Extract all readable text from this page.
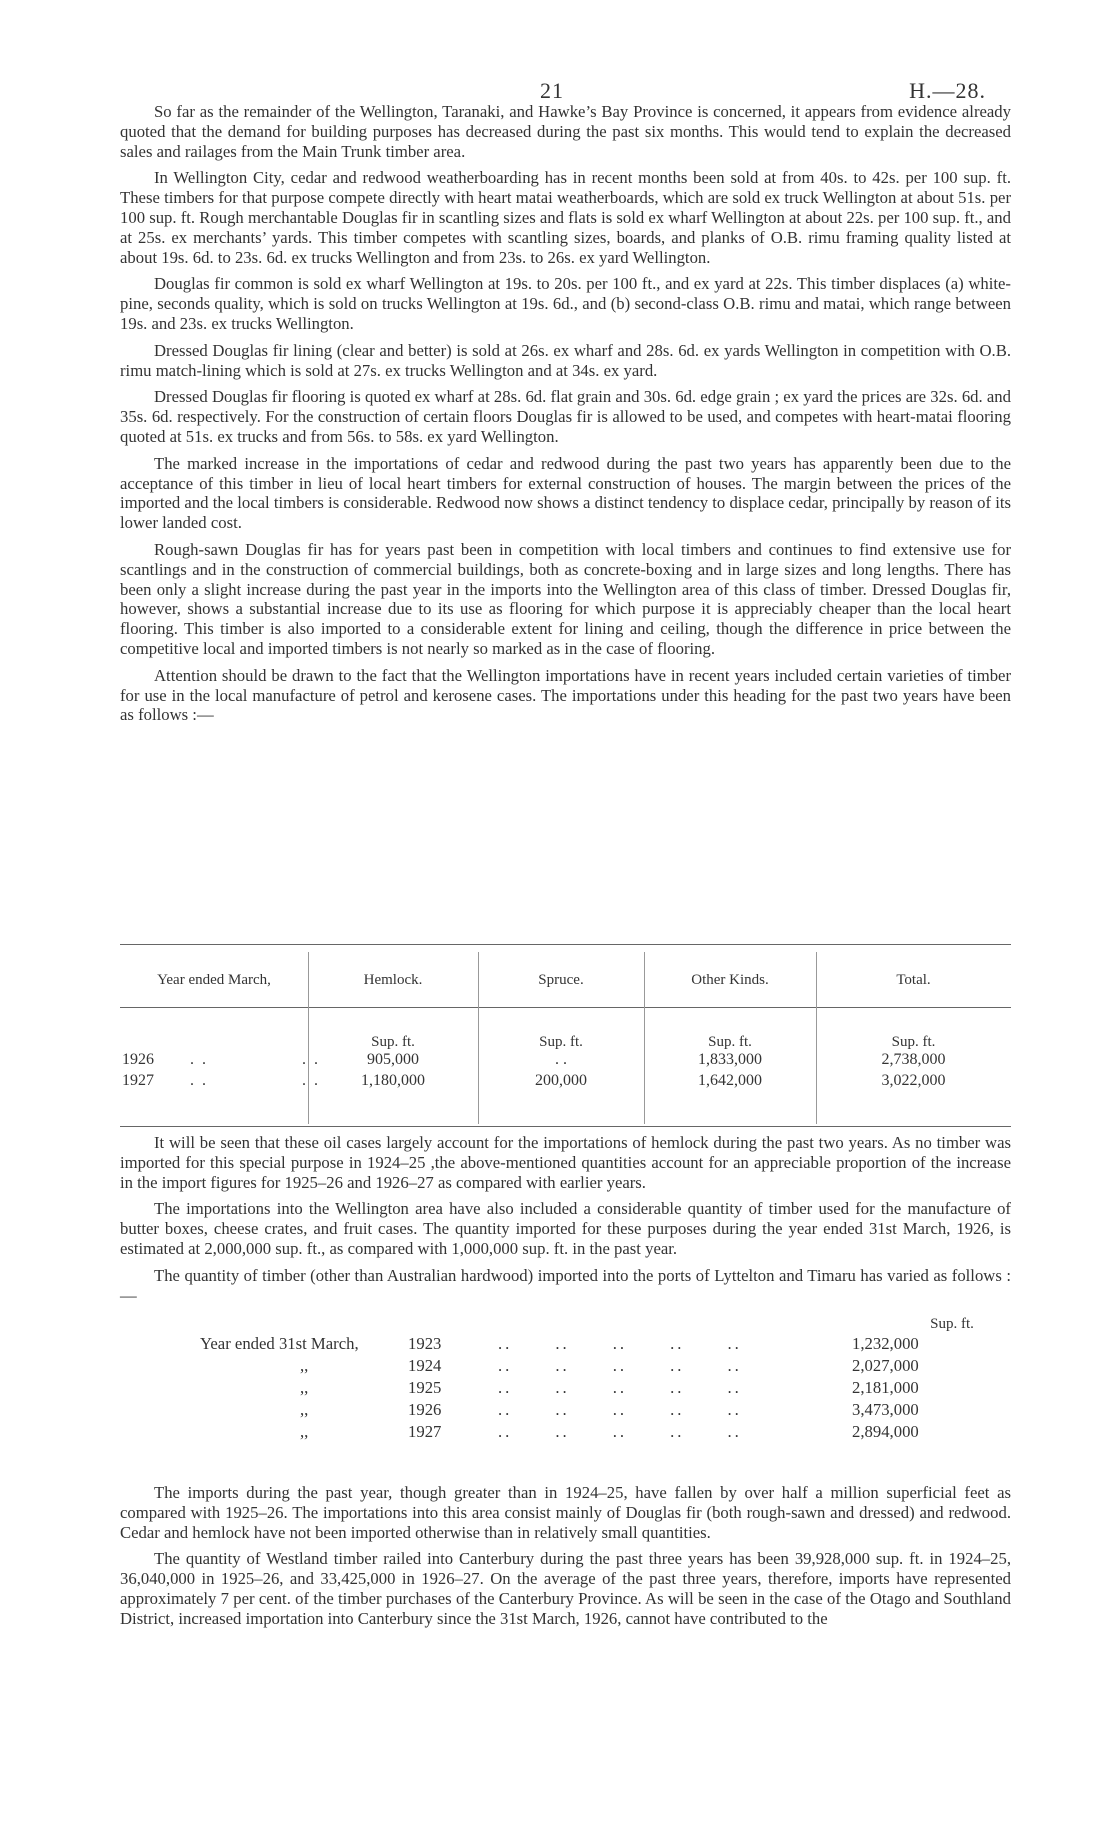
21	H.—28.

So far as the remainder of the Wellington, Taranaki, and Hawke’s Bay Province is concerned, it appears from evidence already quoted that the demand for building purposes has decreased during the past six months. This would tend to explain the decreased sales and railages from the Main Trunk timber area.

In Wellington City, cedar and redwood weatherboarding has in recent months been sold at from 40s. to 42s. per 100 sup. ft. These timbers for that purpose compete directly with heart matai weatherboards, which are sold ex truck Wellington at about 51s. per 100 sup. ft. Rough merchantable Douglas fir in scantling sizes and flats is sold ex wharf Wellington at about 22s. per 100 sup. ft., and at 25s. ex merchants’ yards. This timber competes with scantling sizes, boards, and planks of O.B. rimu framing quality listed at about 19s. 6d. to 23s. 6d. ex trucks Wellington and from 23s. to 26s. ex yard Wellington.

Douglas fir common is sold ex wharf Wellington at 19s. to 20s. per 100 ft., and ex yard at 22s. This timber displaces (a) white-pine, seconds quality, which is sold on trucks Wellington at 19s. 6d., and (b) second-class O.B. rimu and matai, which range between 19s. and 23s. ex trucks Wellington.

Dressed Douglas fir lining (clear and better) is sold at 26s. ex wharf and 28s. 6d. ex yards Wellington in competition with O.B. rimu match-lining which is sold at 27s. ex trucks Wellington and at 34s. ex yard.

Dressed Douglas fir flooring is quoted ex wharf at 28s. 6d. flat grain and 30s. 6d. edge grain ; ex yard the prices are 32s. 6d. and 35s. 6d. respectively. For the construction of certain floors Douglas fir is allowed to be used, and competes with heart-matai flooring quoted at 51s. ex trucks and from 56s. to 58s. ex yard Wellington.

The marked increase in the importations of cedar and redwood during the past two years has apparently been due to the acceptance of this timber in lieu of local heart timbers for external construction of houses. The margin between the prices of the imported and the local timbers is considerable. Redwood now shows a distinct tendency to displace cedar, principally by reason of its lower landed cost.

Rough-sawn Douglas fir has for years past been in competition with local timbers and continues to find extensive use for scantlings and in the construction of commercial buildings, both as concrete-boxing and in large sizes and long lengths. There has been only a slight increase during the past year in the imports into the Wellington area of this class of timber. Dressed Douglas fir, however, shows a substantial increase due to its use as flooring for which purpose it is appreciably cheaper than the local heart flooring. This timber is also imported to a considerable extent for lining and ceiling, though the difference in price between the competitive local and imported timbers is not nearly so marked as in the case of flooring.

Attention should be drawn to the fact that the Wellington importations have in recent years included certain varieties of timber for use in the local manufacture of petrol and kerosene cases. The importations under this heading for the past two years have been as follows :—

Year ended March,	Hemlock.	Spruce.	Other Kinds.	Total.
Sup. ft.	Sup. ft.	Sup. ft.	Sup. ft.
1926 . .	. .	905,000	. .	1,833,000	2,738,000
1927 . .	. .	1,180,000	200,000	1,642,000	3,022,000

It will be seen that these oil cases largely account for the importations of hemlock during the past two years. As no timber was imported for this special purpose in 1924–25 ,the above-mentioned quantities account for an appreciable proportion of the increase in the import figures for 1925–26 and 1926–27 as compared with earlier years.

The importations into the Wellington area have also included a considerable quantity of timber used for the manufacture of butter boxes, cheese crates, and fruit cases. The quantity imported for these purposes during the year ended 31st March, 1926, is estimated at 2,000,000 sup. ft., as compared with 1,000,000 sup. ft. in the past year.

The quantity of timber (other than Australian hardwood) imported into the ports of Lyttelton and Timaru has varied as follows :—

Sup. ft.
Year ended 31st March,	1923	..      ..      ..      ..      ..	1,232,000
,,	1924	..      ..      ..      ..      ..	2,027,000
,,	1925	..      ..      ..      ..      ..	2,181,000
,,	1926	..      ..      ..      ..      ..	3,473,000
,,	1927	..      ..      ..      ..      ..	2,894,000

The imports during the past year, though greater than in 1924–25, have fallen by over half a million superficial feet as compared with 1925–26. The importations into this area consist mainly of Douglas fir (both rough-sawn and dressed) and redwood. Cedar and hemlock have not been imported otherwise than in relatively small quantities.

The quantity of Westland timber railed into Canterbury during the past three years has been 39,928,000 sup. ft. in 1924–25, 36,040,000 in 1925–26, and 33,425,000 in 1926–27. On the average of the past three years, therefore, imports have represented approximately 7 per cent. of the timber purchases of the Canterbury Province. As will be seen in the case of the Otago and Southland District, increased importation into Canterbury since the 31st March, 1926, cannot have contributed to the
